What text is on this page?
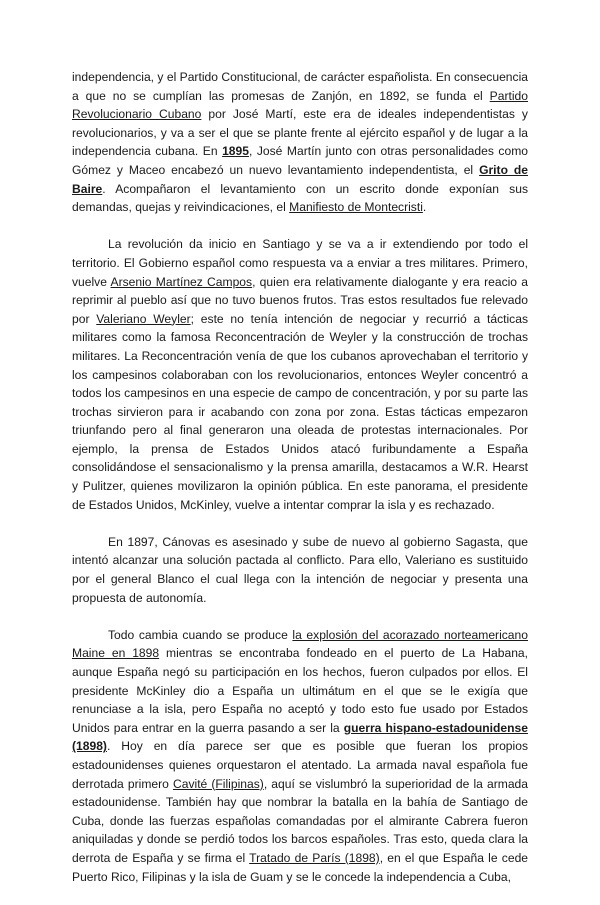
independencia, y el Partido Constitucional, de carácter españolista. En consecuencia a que no se cumplían las promesas de Zanjón, en 1892, se funda el Partido Revolucionario Cubano por José Martí, este era de ideales independentistas y revolucionarios, y va a ser el que se plante frente al ejército español y de lugar a la independencia cubana. En 1895, José Martín junto con otras personalidades como Gómez y Maceo encabezó un nuevo levantamiento independentista, el Grito de Baire. Acompañaron el levantamiento con un escrito donde exponían sus demandas, quejas y reivindicaciones, el Manifiesto de Montecristi.

La revolución da inicio en Santiago y se va a ir extendiendo por todo el territorio. El Gobierno español como respuesta va a enviar a tres militares. Primero, vuelve Arsenio Martínez Campos, quien era relativamente dialogante y era reacio a reprimir al pueblo así que no tuvo buenos frutos. Tras estos resultados fue relevado por Valeriano Weyler; este no tenía intención de negociar y recurrió a tácticas militares como la famosa Reconcentración de Weyler y la construcción de trochas militares. La Reconcentración venía de que los cubanos aprovechaban el territorio y los campesinos colaboraban con los revolucionarios, entonces Weyler concentró a todos los campesinos en una especie de campo de concentración, y por su parte las trochas sirvieron para ir acabando con zona por zona. Estas tácticas empezaron triunfando pero al final generaron una oleada de protestas internacionales. Por ejemplo, la prensa de Estados Unidos atacó furibundamente a España consolidándose el sensacionalismo y la prensa amarilla, destacamos a W.R. Hearst y Pulitzer, quienes movilizaron la opinión pública. En este panorama, el presidente de Estados Unidos, McKinley, vuelve a intentar comprar la isla y es rechazado.

En 1897, Cánovas es asesinado y sube de nuevo al gobierno Sagasta, que intentó alcanzar una solución pactada al conflicto. Para ello, Valeriano es sustituido por el general Blanco el cual llega con la intención de negociar y presenta una propuesta de autonomía.

Todo cambia cuando se produce la explosión del acorazado norteamericano Maine en 1898 mientras se encontraba fondeado en el puerto de La Habana, aunque España negó su participación en los hechos, fueron culpados por ellos. El presidente McKinley dio a España un ultimátum en el que se le exigía que renunciase a la isla, pero España no aceptó y todo esto fue usado por Estados Unidos para entrar en la guerra pasando a ser la guerra hispano-estadounidense (1898). Hoy en día parece ser que es posible que fueran los propios estadounidenses quienes orquestaron el atentado. La armada naval española fue derrotada primero Cavité (Filipinas), aquí se vislumbró la superioridad de la armada estadounidense. También hay que nombrar la batalla en la bahía de Santiago de Cuba, donde las fuerzas españolas comandadas por el almirante Cabrera fueron aniquiladas y donde se perdió todos los barcos españoles. Tras esto, queda clara la derrota de España y se firma el Tratado de París (1898), en el que España le cede Puerto Rico, Filipinas y la isla de Guam y se le concede la independencia a Cuba,
